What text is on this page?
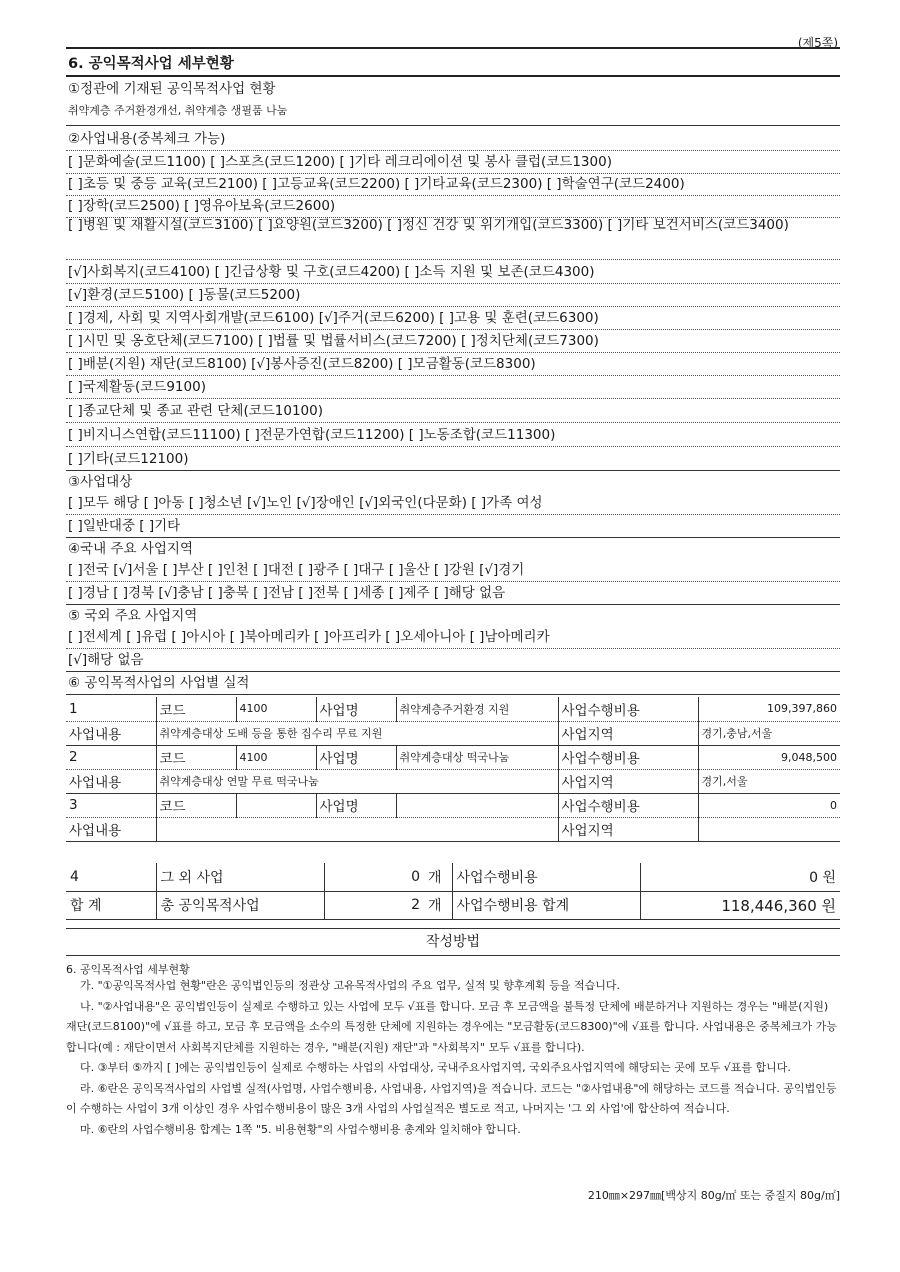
(제5쪽)
6. 공익목적사업 세부현황
①정관에 기재된 공익목적사업 현황
취약계층 주거환경개선, 취약계층 생필품 나눔
②사업내용(중복체크 가능)
[ ]문화예술(코드1100) [ ]스포츠(코드1200) [ ]기타 레크리에이션 및 봉사 클럽(코드1300)
[ ]초등 및 중등 교육(코드2100) [ ]고등교육(코드2200) [ ]기타교육(코드2300) [ ]학술연구(코드2400)
[ ]장학(코드2500) [ ]영유아보육(코드2600)
[ ]병원 및 재활시설(코드3100) [ ]요양원(코드3200) [ ]정신 건강 및 위기개입(코드3300) [ ]기타 보건서비스(코드3400)
[√]사회복지(코드4100) [ ]긴급상황 및 구호(코드4200) [ ]소득 지원 및 보존(코드4300)
[√]환경(코드5100) [ ]동물(코드5200)
[ ]경제, 사회 및 지역사회개발(코드6100) [√]주거(코드6200) [ ]고용 및 훈련(코드6300)
[ ]시민 및 옹호단체(코드7100) [ ]법률 및 법률서비스(코드7200) [ ]정치단체(코드7300)
[ ]배분(지원) 재단(코드8100) [√]봉사증진(코드8200) [ ]모금활동(코드8300)
[ ]국제활동(코드9100)
[ ]종교단체 및 종교 관련 단체(코드10100)
[ ]비지니스연합(코드11100) [ ]전문가연합(코드11200) [ ]노동조합(코드11300)
[ ]기타(코드12100)
③사업대상
[ ]모두 해당 [ ]아동 [ ]청소년 [√]노인 [√]장애인 [√]외국인(다문화) [ ]가족 여성
[ ]일반대중 [ ]기타
④국내 주요 사업지역
[ ]전국 [√]서울 [ ]부산 [ ]인천 [ ]대전 [ ]광주 [ ]대구 [ ]울산 [ ]강원 [√]경기
[ ]경남 [ ]경북 [√]충남 [ ]충북 [ ]전남 [ ]전북 [ ]세종 [ ]제주 [ ]해당 없음
⑤ 국외 주요 사업지역
[ ]전세계 [ ]유럽 [ ]아시아 [ ]북아메리카 [ ]아프리카 [ ]오세아니아 [ ]남아메리카
[√]해당 없음
⑥ 공익목적사업의 사업별 실적
1	코드	4100	사업명	취약계층주거환경 지원	사업수행비용	109,397,860
사업내용	취약계층대상 도배 등을 통한 집수리 무료 지원				사업지역	경기,충남,서울
2	코드	4100	사업명	취약계층대상 떡국나눔	사업수행비용	9,048,500
사업내용	취약계층대상 연말 무료 떡국나눔				사업지역	경기,서울
3	코드		사업명		사업수행비용	0
사업내용					사업지역	
4	그 외 사업	0	개	사업수행비용	0 원
합 계	총 공익목적사업	2	개	사업수행비용 합계	118,446,360 원
작성방법
6. 공익목적사업 세부현황

가. "①공익목적사업 현황"란은 공익법인등의 정관상 고유목적사업의 주요 업무, 실적 및 향후계획 등을 적습니다.

나. "②사업내용"은 공익법인등이 실제로 수행하고 있는 사업에 모두 √표를 합니다. 모금 후 모금액을 불특정 단체에 배분하거나 지원하는 경우는 "배분(지원) 재단(코드8100)"에 √표를 하고, 모금 후 모금액을 소수의 특정한 단체에 지원하는 경우에는 "모금활동(코드8300)"에 √표를 합니다. 사업내용은 중복체크가 가능합니다(예 : 재단이면서 사회복지단체를 지원하는 경우, "배분(지원) 재단"과 "사회복지" 모두 √표를 합니다).

다. ③부터 ⑤까지 [ ]에는 공익법인등이 실제로 수행하는 사업의 사업대상, 국내주요사업지역, 국외주요사업지역에 해당되는 곳에 모두 √표를 합니다.

라. ⑥란은 공익목적사업의 사업별 실적(사업명, 사업수행비용, 사업내용, 사업지역)을 적습니다. 코드는 "②사업내용"에 해당하는 코드를 적습니다. 공익법인등이 수행하는 사업이 3개 이상인 경우 사업수행비용이 많은 3개 사업의 사업실적은 별도로 적고, 나머지는 '그 외 사업'에 합산하여 적습니다.

마. ⑥란의 사업수행비용 합계는 1쪽 "5. 비용현황"의 사업수행비용 총계와 일치해야 합니다.

210㎜×297㎜[백상지 80g/㎡ 또는 중질지 80g/㎡]
